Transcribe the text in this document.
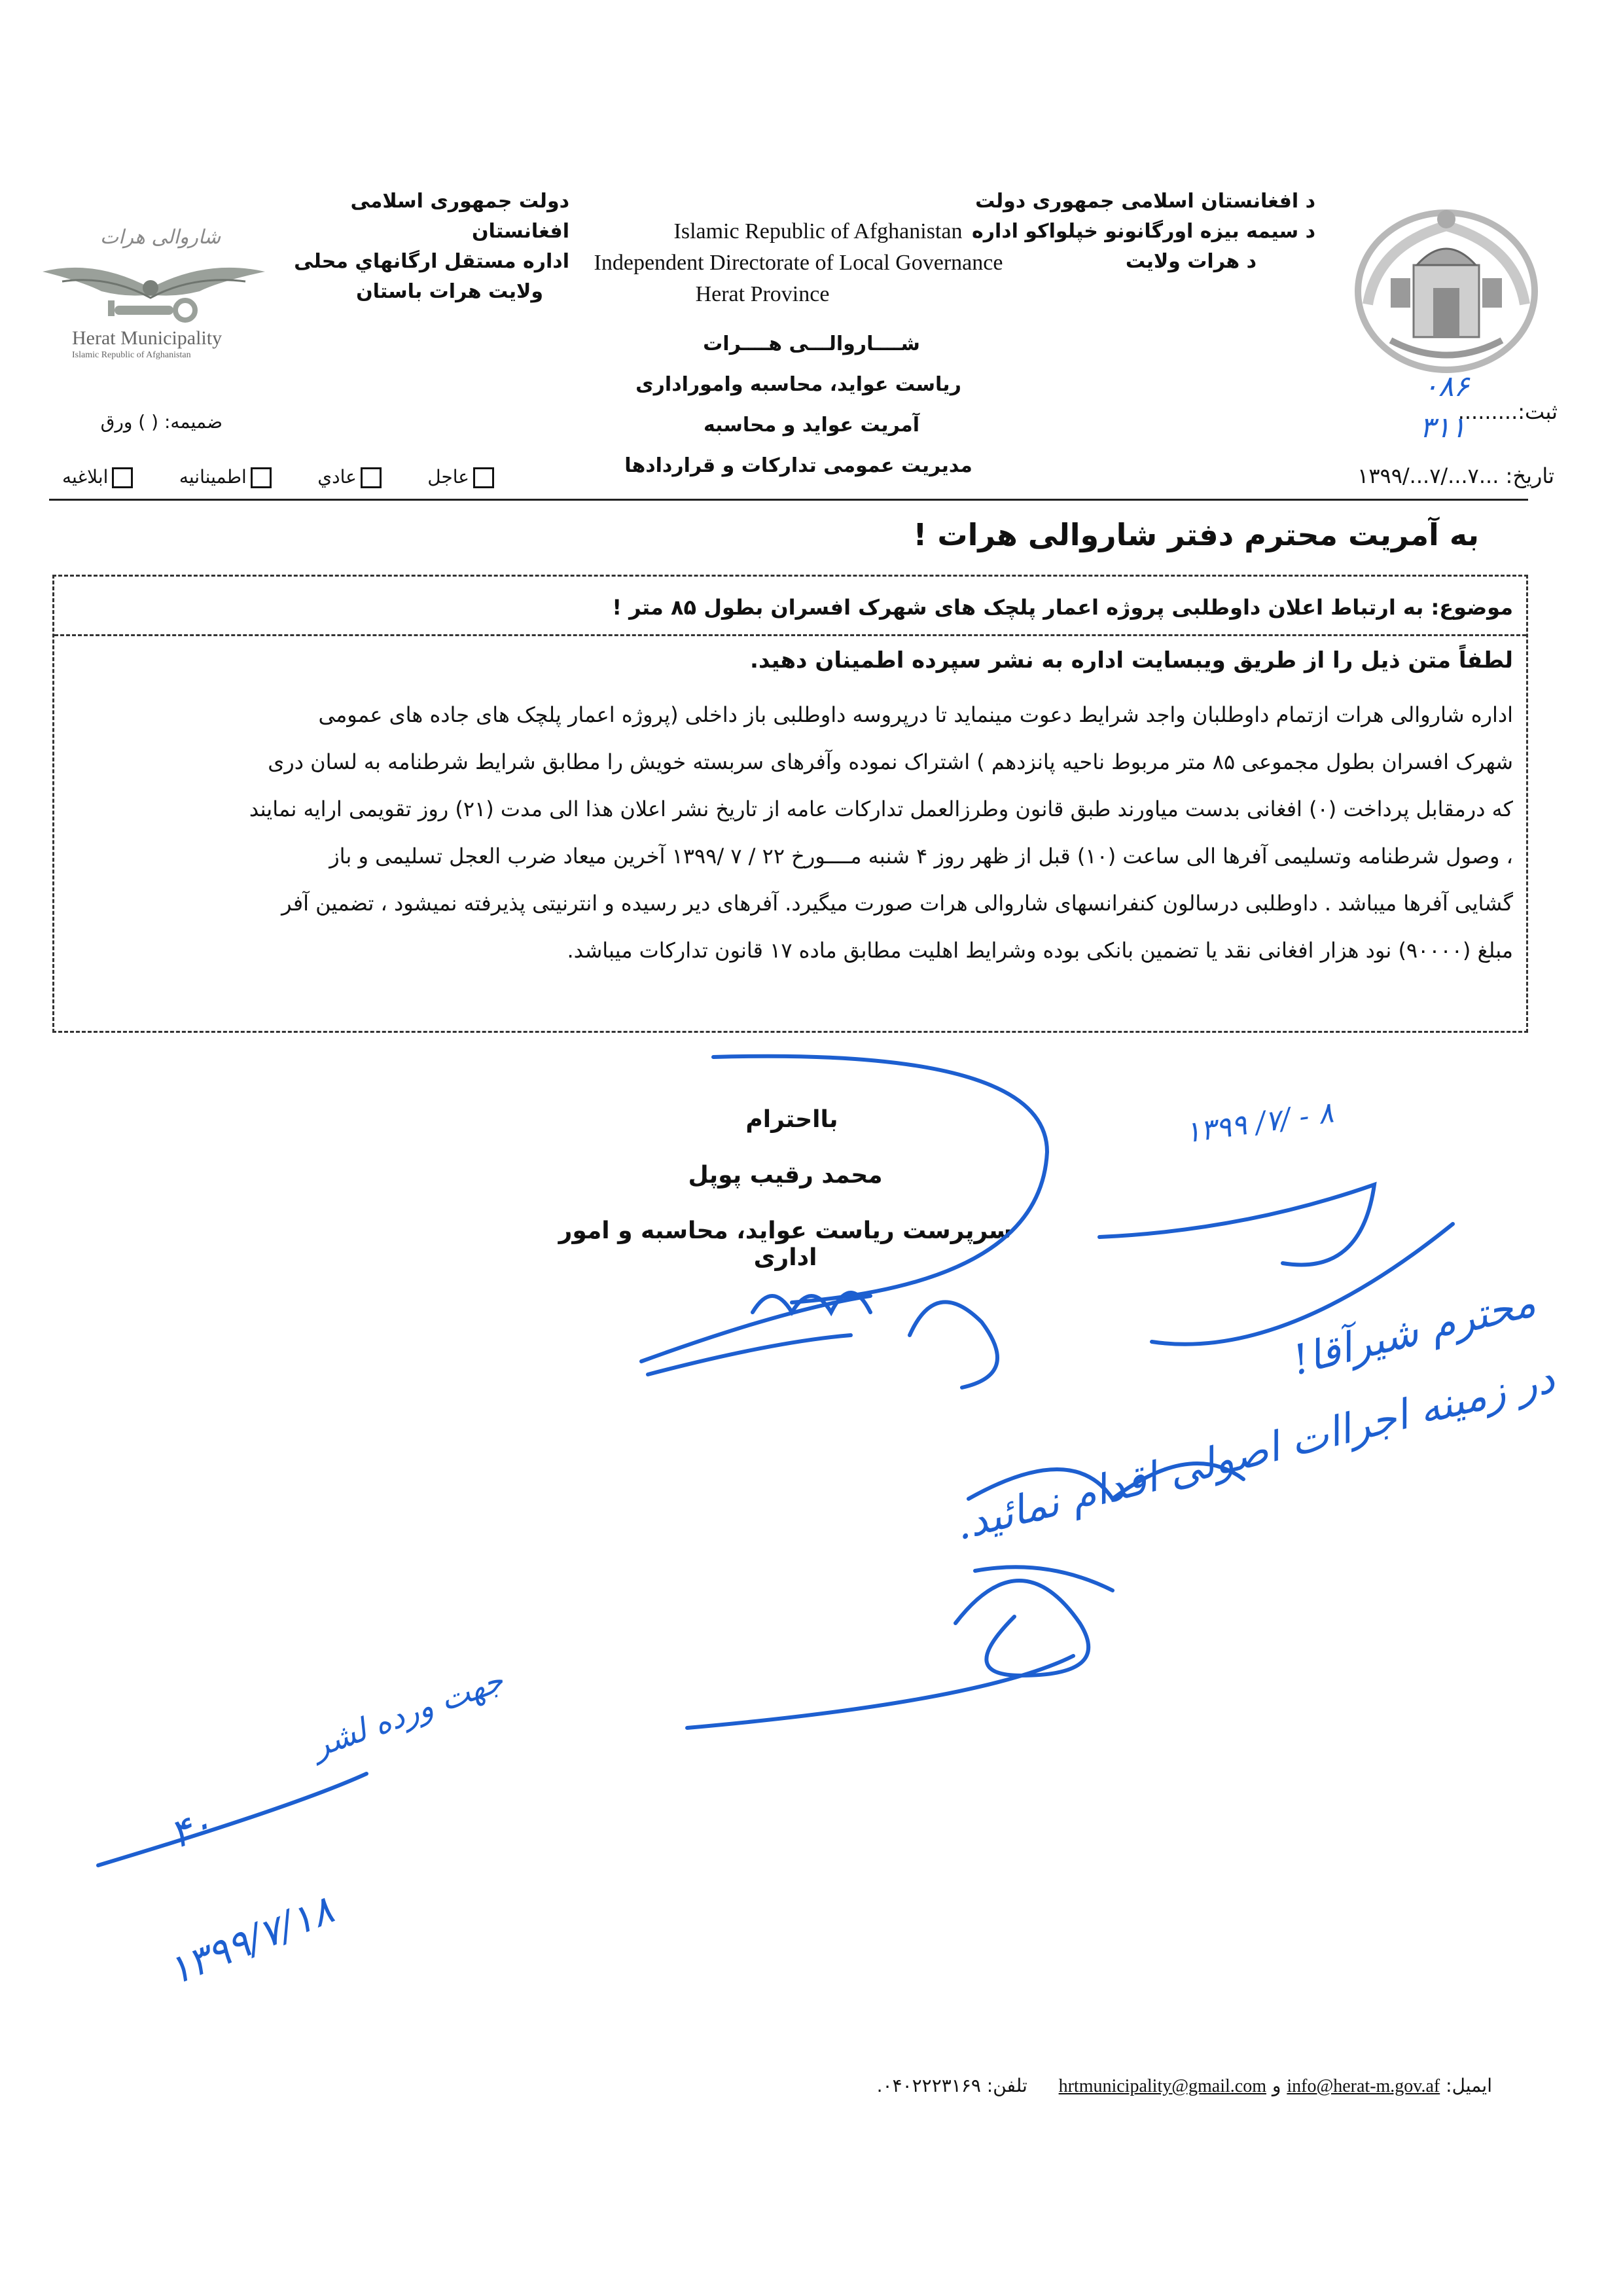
د افغانستان اسلامی جمهوری دولت
د سیمه بیزه اورگانونو خپلواکو اداره
د هرات ولایت
Islamic Republic of Afghanistan
Independent Directorate of Local Governance
Herat Province
دولت جمهوری اسلامی افغانستان
اداره مستقل ارگانهاي محلی
ولایت هرات باستان
شاروالی هرات
Herat Municipality
Islamic Republic of Afghanistan	شــــاروالـــی هــــرات
ریاست عواید، محاسبه وامورادارى
آمریت عواید و محاسبه
مدیریت عمومی تدارکات و قراردادها
ثبت:.........
۰۸۶
۳۱۱
تاریخ: ...۷.../۷.../۱۳۹۹
ضمیمه: ( ) ورق
عاجل
عادي
اطمینانیه
ابلاغیه
به آمریت محترم دفتر شاروالی هرات !
موضوع: به ارتباط اعلان داوطلبی پروژه اعمار پلچک های شهرک افسران بطول ۸۵ متر !
لطفاً متن ذیل را از طریق ویبسایت اداره به نشر سپرده اطمینان دهید.
اداره شاروالی هرات ازتمام داوطلبان واجد شرایط دعوت مینماید تا درپروسه داوطلبی باز داخلی (پروژه اعمار پلچک های جاده های عمومی
شهرک افسران بطول مجموعی ۸۵ متر مربوط ناحیه پانزدهم ) اشتراک نموده وآفرهای سربسته خویش را مطابق شرایط شرطنامه به لسان دری
که درمقابل پرداخت (۰) افغانی بدست میاورند طبق قانون وطرزالعمل تدارکات عامه از تاریخ نشر اعلان هذا الی مدت (۲۱) روز تقویمی ارایه نمایند
، وصول شرطنامه وتسلیمی آفرها الی ساعت (۱۰) قبل از ظهر روز ۴ شنبه مــــورخ ۲۲ / ۷ /۱۳۹۹ آخرین میعاد ضرب العجل تسلیمی و باز
گشایی آفرها میباشد . داوطلبی درسالون کنفرانسهای شاروالی هرات صورت میگیرد. آفرهای دیر رسیده و انترنیتی پذیرفته نمیشود ، تضمین آفر
مبلغ (۹۰۰۰۰) نود هزار افغانی نقد یا تضمین بانکی بوده وشرایط اهلیت مطابق ماده ۱۷ قانون تدارکات میباشد.
بااحترام
محمد رقیب پوپل
سرپرست ریاست عواید، محاسبه و امور اداری
۱۳۹۹ /۷/ - ۸
محترم شیرآقا!
در زمینه اجراات اصولی اقدام نمائید.
جهت ورده لشر
۴۰
۱۳۹۹/۷/۱۸
ایمیل: info@herat-m.gov.af و hrtmunicipality@gmail.com  تلفن: ۰۴۰۲۲۲۳۱۶۹.
